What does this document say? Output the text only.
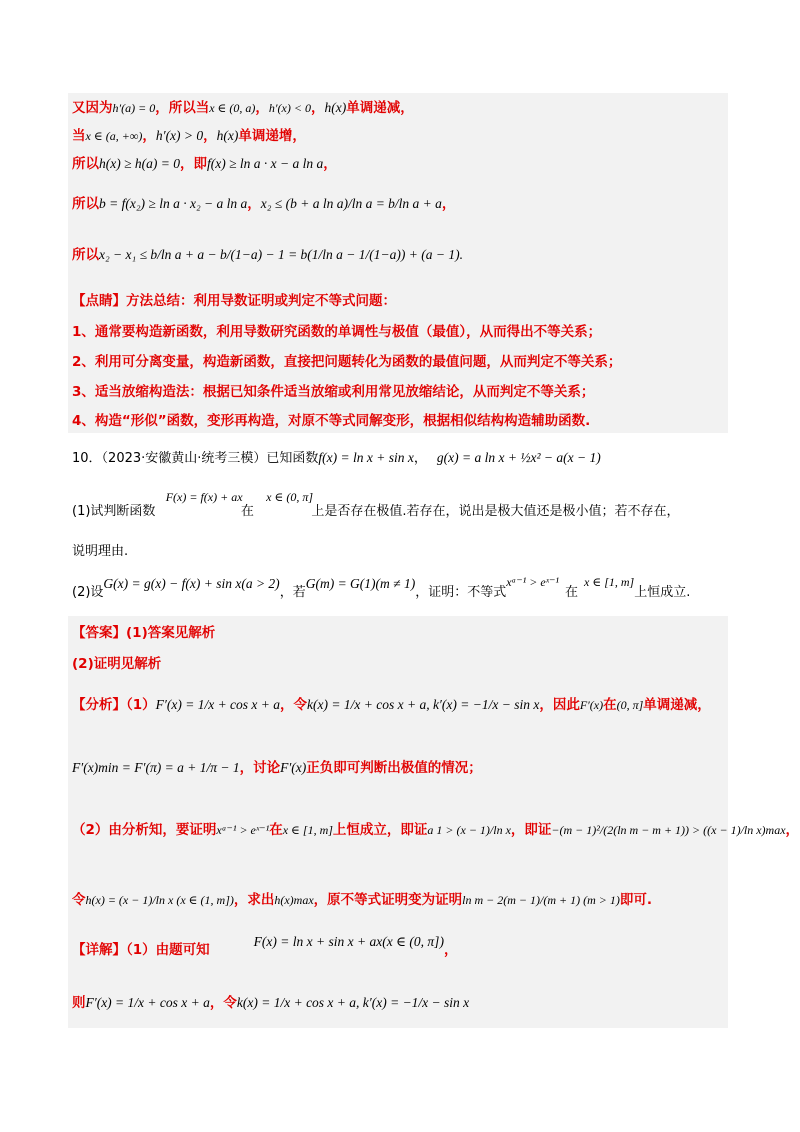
又因为h′(a) = 0，所以当x ∈ (0, a)，h′(x) < 0，h(x)单调递减，
当x ∈ (a, +∞)，h′(x) > 0，h(x)单调递增，
所以h(x) ≥ h(a) = 0，即f(x) ≥ ln a · x − a ln a，
所以b = f(x₂) ≥ ln a · x₂ − a ln a，x₂ ≤ (b + a ln a)/ln a = b/ln a + a，
所以x₂ − x₁ ≤ b/ln a + a − b/(1−a) − 1 = b(1/ln a − 1/(1−a)) + (a − 1).
【点睛】方法总结：利用导数证明或判定不等式问题：
1、通常要构造新函数，利用导数研究函数的单调性与极值（最值），从而得出不等关系；
2、利用可分离变量，构造新函数，直接把问题转化为函数的最值问题，从而判定不等关系；
3、适当放缩构造法：根据已知条件适当放缩或利用常见放缩结论，从而判定不等关系；
4、构造“形似”函数，变形再构造，对原不等式同解变形，根据相似结构构造辅助函数.
10．（2023·安徽黄山·统考三模）已知函数f(x) = ln x + sin x， g(x) = a ln x + ½x² − a(x − 1)
(1)试判断函数 F(x) = f(x) + ax 在 x ∈ (0, π] 上是否存在极值.若存在，说出是极大值还是极小值；若不存在，
说明理由.
(2)设G(x) = g(x) − f(x) + sin x(a > 2)，若G(m) = G(1)(m ≠ 1)，证明：不等式xᵃ⁻¹ > eˣ⁻¹在x ∈ [1, m]上恒成立.
【答案】(1)答案见解析
(2)证明见解析
【分析】（1）F′(x) = 1/x + cos x + a，令k(x) = 1/x + cos x + a, k′(x) = −1/x − sin x，因此F′(x)在(0, π]单调递减，
F′(x)min = F′(π) = a + 1/π − 1，讨论F′(x)正负即可判断出极值的情况；
（2）由分析知，要证明xᵃ⁻¹ > eˣ⁻¹在x ∈ [1, m]上恒成立，即证a 1 > (x − 1)/ln x，即证−(m − 1)²/(2(ln m − m + 1)) > ((x − 1)/ln x)max，
令h(x) = (x − 1)/ln x (x ∈ (1, m])，求出h(x)max，原不等式证明变为证明ln m − 2(m − 1)/(m + 1) (m > 1)即可.
【详解】（1）由题可知F(x) = ln x + sin x + ax(x ∈ (0, π])，
则F′(x) = 1/x + cos x + a，令k(x) = 1/x + cos x + a, k′(x) = −1/x − sin x
